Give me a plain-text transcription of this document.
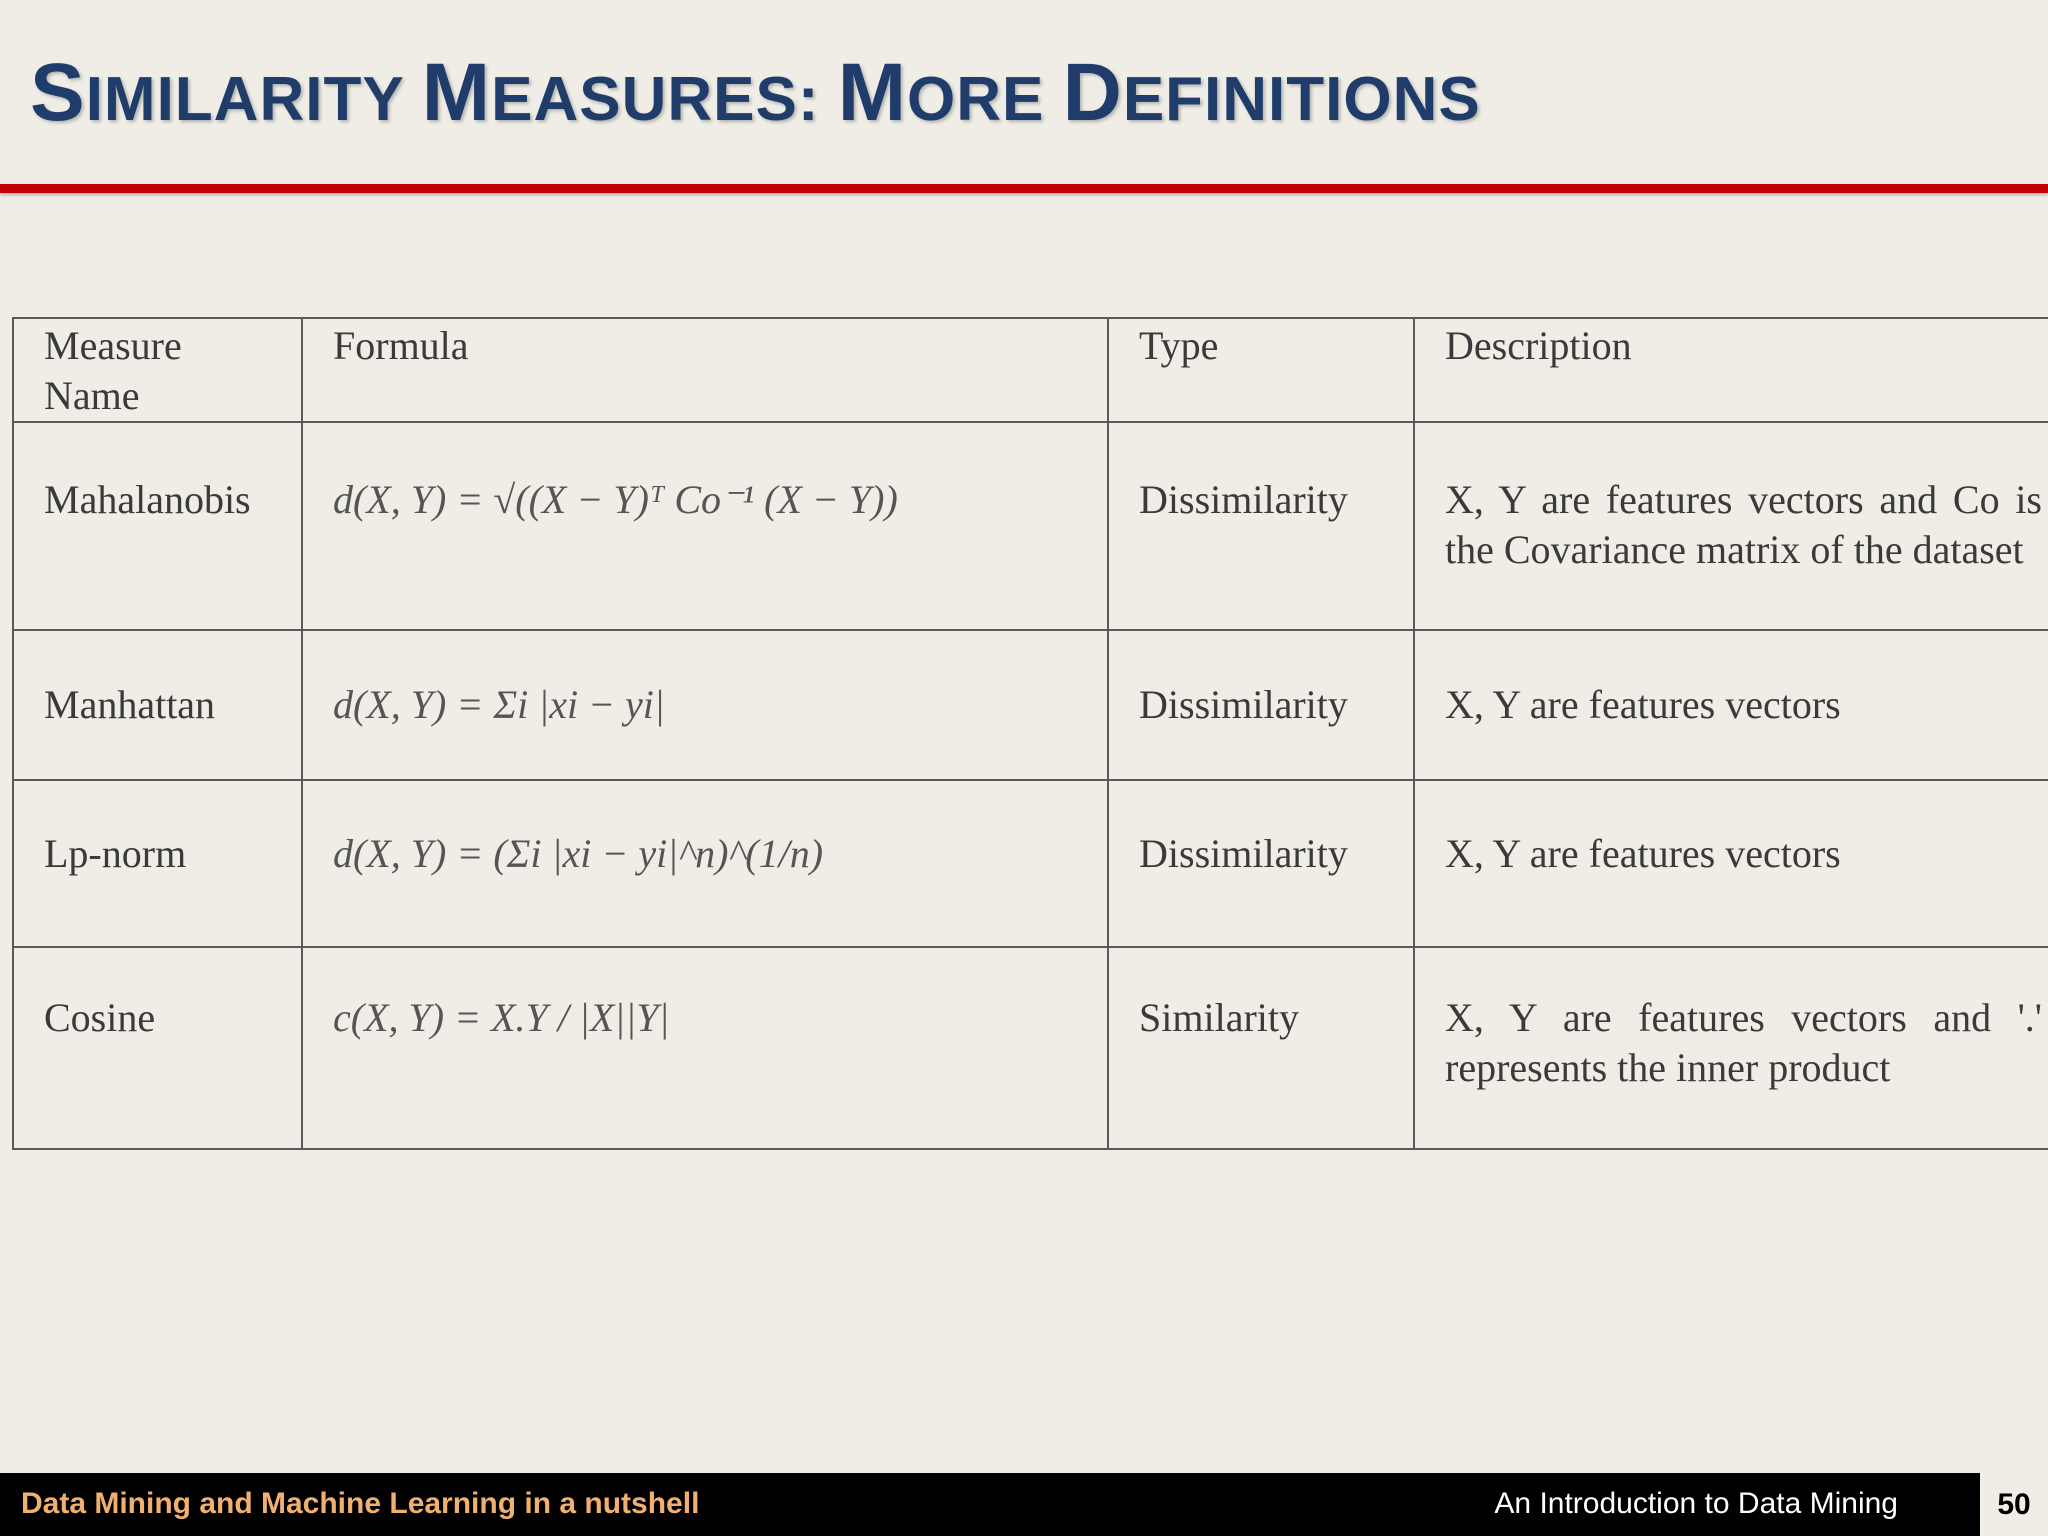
SIMILARITY MEASURES: MORE DEFINITIONS
Measure Name	Formula	Type	Description
Mahalanobis	d(X, Y) = √((X − Y)ᵀ Co⁻¹ (X − Y))	Dissimilarity	X, Y are features vectors and Co is the Covariance matrix of the dataset
Manhattan	d(X, Y) = Σi |xi − yi|	Dissimilarity	X, Y are features vectors
Lp-norm	d(X, Y) = (Σi |xi − yi|^n)^(1/n)	Dissimilarity	X, Y are features vectors
Cosine	c(X, Y) = X.Y / |X||Y|	Similarity	X, Y are features vectors and '.' represents the inner product
Data Mining and Machine Learning in a nutshell	An Introduction to Data Mining	50
